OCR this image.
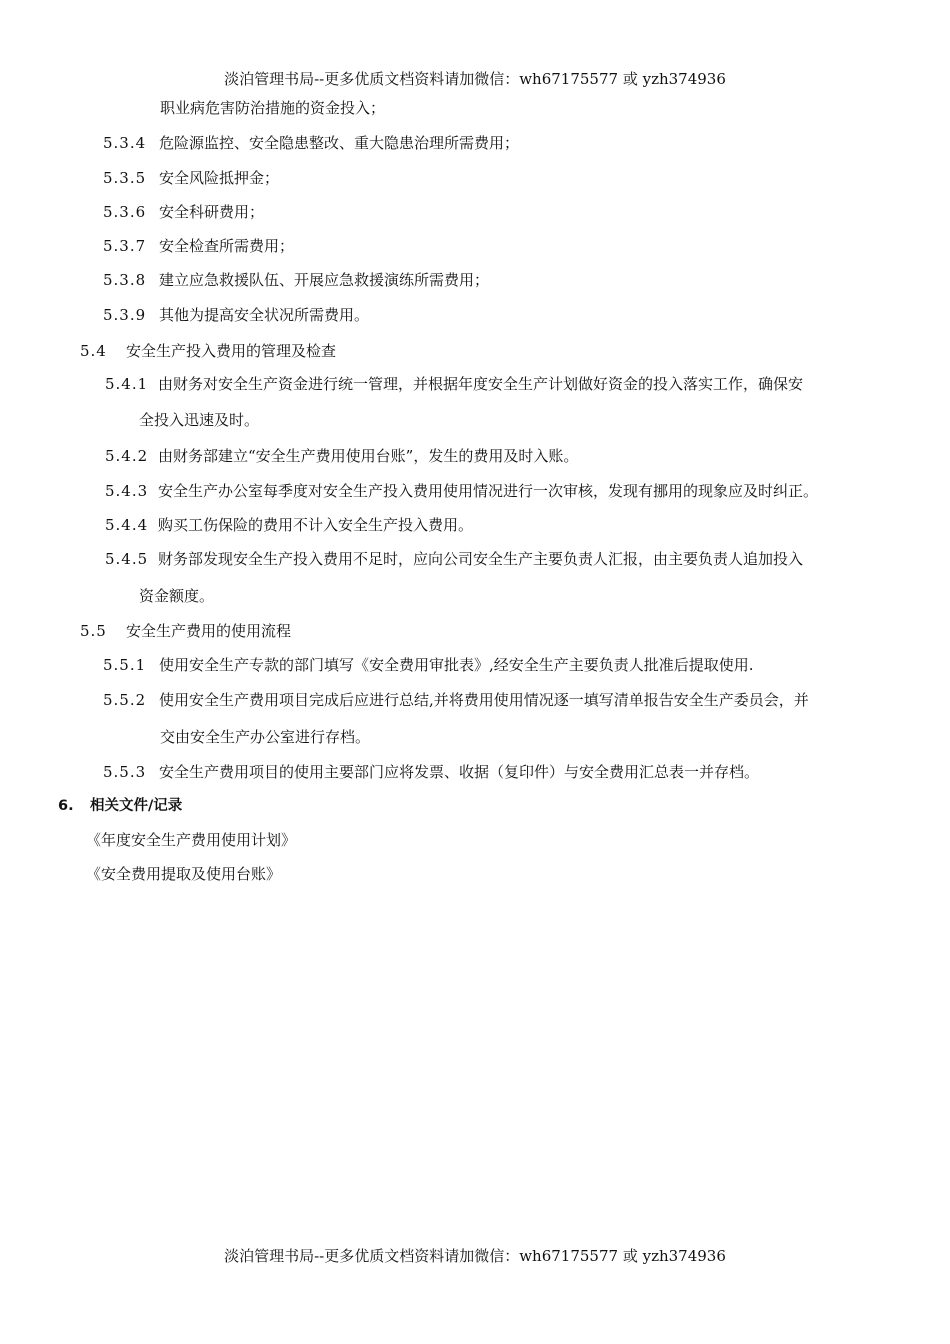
淡泊管理书局--更多优质文档资料请加微信：wh67175577 或 yzh374936
职业病危害防治措施的资金投入；
5.3.4 危险源监控、安全隐患整改、重大隐患治理所需费用；
5.3.5 安全风险抵押金；
5.3.6 安全科研费用；
5.3.7 安全检查所需费用；
5.3.8 建立应急救援队伍、开展应急救援演练所需费用；
5.3.9 其他为提高安全状况所需费用。
5.4 安全生产投入费用的管理及检查
5.4.1 由财务对安全生产资金进行统一管理，并根据年度安全生产计划做好资金的投入落实工作，确保安
全投入迅速及时。
5.4.2 由财务部建立“安全生产费用使用台账”，发生的费用及时入账。
5.4.3 安全生产办公室每季度对安全生产投入费用使用情况进行一次审核，发现有挪用的现象应及时纠正。
5.4.4 购买工伤保险的费用不计入安全生产投入费用。
5.4.5 财务部发现安全生产投入费用不足时，应向公司安全生产主要负责人汇报，由主要负责人追加投入
资金额度。
5.5 安全生产费用的使用流程
5.5.1 使用安全生产专款的部门填写《安全费用审批表》,经安全生产主要负责人批准后提取使用.
5.5.2 使用安全生产费用项目完成后应进行总结,并将费用使用情况逐一填写清单报告安全生产委员会，并
交由安全生产办公室进行存档。
5.5.3 安全生产费用项目的使用主要部门应将发票、收据（复印件）与安全费用汇总表一并存档。
6. 相关文件/记录
《年度安全生产费用使用计划》
《安全费用提取及使用台账》
淡泊管理书局--更多优质文档资料请加微信：wh67175577 或 yzh374936
